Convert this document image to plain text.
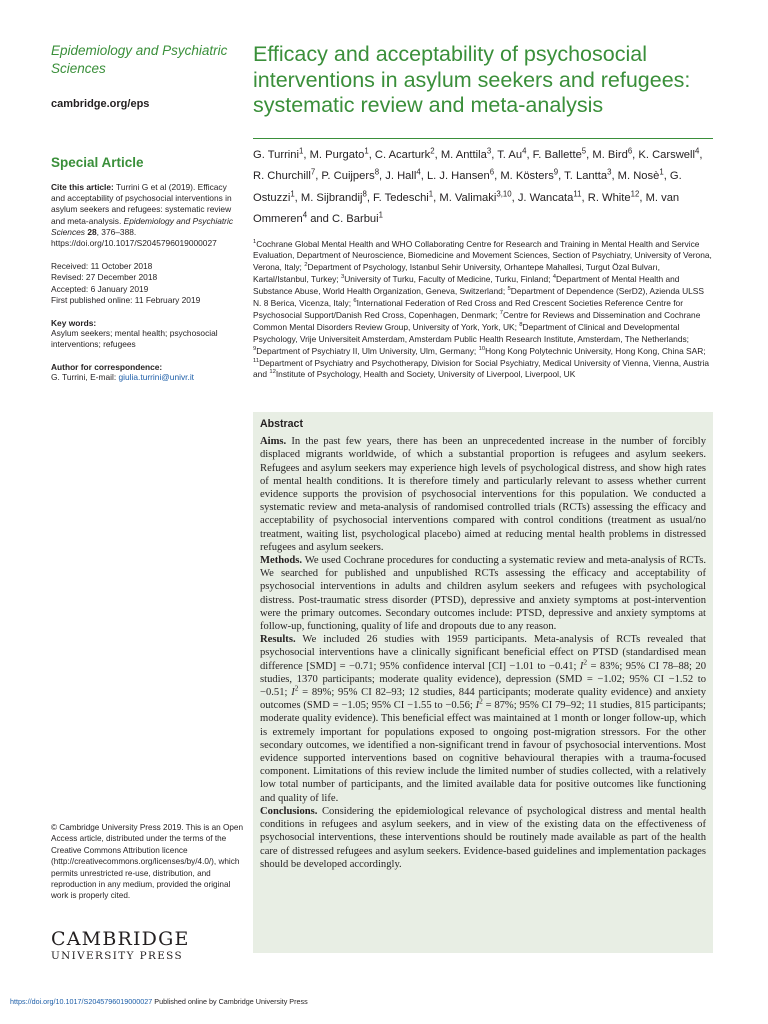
Epidemiology and Psychiatric Sciences

cambridge.org/eps
Special Article
Cite this article: Turrini G et al (2019). Efficacy and acceptability of psychosocial interventions in asylum seekers and refugees: systematic review and meta-analysis. Epidemiology and Psychiatric Sciences 28, 376–388. https://doi.org/10.1017/S2045796019000027
Received: 11 October 2018
Revised: 27 December 2018
Accepted: 6 January 2019
First published online: 11 February 2019
Key words:
Asylum seekers; mental health; psychosocial interventions; refugees
Author for correspondence:
G. Turrini, E-mail: giulia.turrini@univr.it
© Cambridge University Press 2019. This is an Open Access article, distributed under the terms of the Creative Commons Attribution licence (http://creativecommons.org/licenses/by/4.0/), which permits unrestricted re-use, distribution, and reproduction in any medium, provided the original work is properly cited.
CAMBRIDGE
UNIVERSITY PRESS
Efficacy and acceptability of psychosocial interventions in asylum seekers and refugees: systematic review and meta-analysis
G. Turrini$^1$, M. Purgato$^1$, C. Acarturk$^2$, M. Anttila$^3$, T. Au$^4$, F. Ballette$^5$, M. Bird$^6$, K. Carswell$^4$, R. Churchill$^7$, P. Cuijpers$^8$, J. Hall$^4$, L. J. Hansen$^6$, M. Kösters$^9$, T. Lantta$^3$, M. Nosè$^1$, G. Ostuzzi$^1$, M. Sijbrandij$^8$, F. Tedeschi$^1$, M. Valimaki$^{3,10}$, J. Wancata$^{11}$, R. White$^{12}$, M. van Ommeren$^4$ and C. Barbui$^1$
$^1$Cochrane Global Mental Health and WHO Collaborating Centre for Research and Training in Mental Health and Service Evaluation, Department of Neuroscience, Biomedicine and Movement Sciences, Section of Psychiatry, University of Verona, Verona, Italy; $^2$Department of Psychology, Istanbul Sehir University, Orhantepe Mahallesi, Turgut Özal Bulvarı, Kartal/Istanbul, Turkey; $^3$University of Turku, Faculty of Medicine, Turku, Finland; $^4$Department of Mental Health and Substance Abuse, World Health Organization, Geneva, Switzerland; $^5$Department of Dependence (SerD2), Azienda ULSS N. 8 Berica, Vicenza, Italy; $^6$International Federation of Red Cross and Red Crescent Societies Reference Centre for Psychosocial Support/Danish Red Cross, Copenhagen, Denmark; $^7$Centre for Reviews and Dissemination and Cochrane Common Mental Disorders Review Group, University of York, York, UK; $^8$Department of Clinical and Developmental Psychology, Vrije Universiteit Amsterdam, Amsterdam Public Health Research Institute, Amsterdam, The Netherlands; $^9$Department of Psychiatry II, Ulm University, Ulm, Germany; $^{10}$Hong Kong Polytechnic University, Hong Kong, China SAR; $^{11}$Department of Psychiatry and Psychotherapy, Division for Social Psychiatry, Medical University of Vienna, Vienna, Austria and $^{12}$Institute of Psychology, Health and Society, University of Liverpool, Liverpool, UK
Abstract
Aims. In the past few years, there has been an unprecedented increase in the number of forcibly displaced migrants worldwide, of which a substantial proportion is refugees and asylum seekers. Refugees and asylum seekers may experience high levels of psychological distress, and show high rates of mental health conditions. It is therefore timely and particularly relevant to assess whether current evidence supports the provision of psychosocial interventions for this population. We conducted a systematic review and meta-analysis of randomised controlled trials (RCTs) assessing the efficacy and acceptability of psychosocial interventions compared with control conditions (treatment as usual/no treatment, waiting list, psychological placebo) aimed at reducing mental health problems in distressed refugees and asylum seekers.
Methods. We used Cochrane procedures for conducting a systematic review and meta-analysis of RCTs. We searched for published and unpublished RCTs assessing the efficacy and acceptability of psychosocial interventions in adults and children asylum seekers and refugees with psychological distress. Post-traumatic stress disorder (PTSD), depressive and anxiety symptoms at post-intervention were the primary outcomes. Secondary outcomes include: PTSD, depressive and anxiety symptoms at follow-up, functioning, quality of life and dropouts due to any reason.
Results. We included 26 studies with 1959 participants. Meta-analysis of RCTs revealed that psychosocial interventions have a clinically significant beneficial effect on PTSD (standardised mean difference [SMD] = −0.71; 95% confidence interval [CI] −1.01 to −0.41; $I^2 = 83\%$; 95% CI 78–88; 20 studies, 1370 participants; moderate quality evidence), depression (SMD = −1.02; 95% CI −1.52 to −0.51; $I^2 = 89\%$; 95% CI 82–93; 12 studies, 844 participants; moderate quality evidence) and anxiety outcomes (SMD = −1.05; 95% CI −1.55 to −0.56; $I^2 = 87\%$; 95% CI 79–92; 11 studies, 815 participants; moderate quality evidence). This beneficial effect was maintained at 1 month or longer follow-up, which is extremely important for populations exposed to ongoing post-migration stressors. For the other secondary outcomes, we identified a non-significant trend in favour of psychosocial interventions. Most evidence supported interventions based on cognitive behavioural therapies with a trauma-focused component. Limitations of this review include the limited number of studies collected, with a relatively low total number of participants, and the limited available data for positive outcomes like functioning and quality of life.
Conclusions. Considering the epidemiological relevance of psychological distress and mental health conditions in refugees and asylum seekers, and in view of the existing data on the effectiveness of psychosocial interventions, these interventions should be routinely made available as part of the health care of distressed refugees and asylum seekers. Evidence-based guidelines and implementation packages should be developed accordingly.
https://doi.org/10.1017/S2045796019000027 Published online by Cambridge University Press
